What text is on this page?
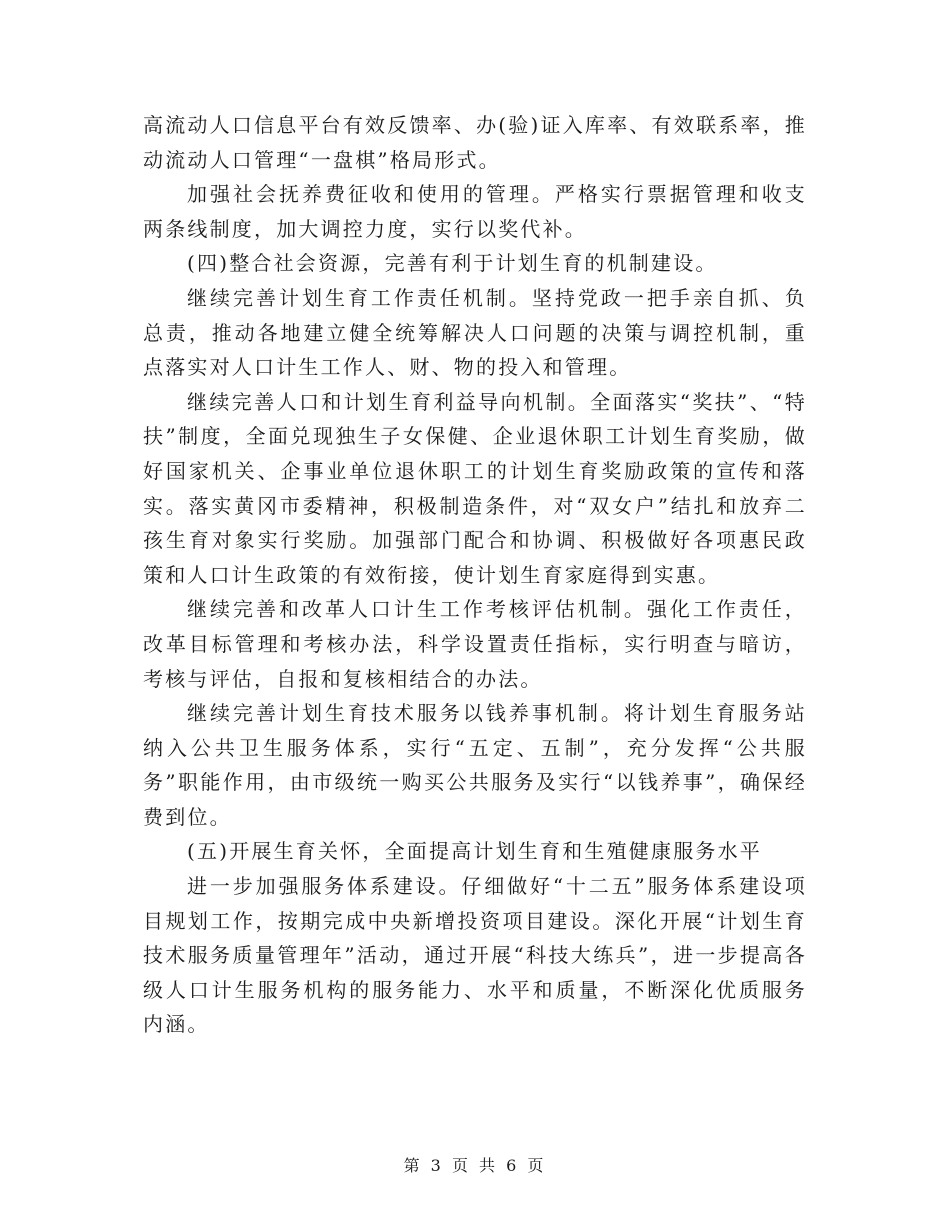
高流动人口信息平台有效反馈率、办(验)证入库率、有效联系率，推动流动人口管理“一盘棋”格局形式。

加强社会抚养费征收和使用的管理。严格实行票据管理和收支两条线制度，加大调控力度，实行以奖代补。

(四)整合社会资源，完善有利于计划生育的机制建设。

继续完善计划生育工作责任机制。坚持党政一把手亲自抓、负总责，推动各地建立健全统筹解决人口问题的决策与调控机制，重点落实对人口计生工作人、财、物的投入和管理。

继续完善人口和计划生育利益导向机制。全面落实“奖扶”、“特扶”制度，全面兑现独生子女保健、企业退休职工计划生育奖励，做好国家机关、企事业单位退休职工的计划生育奖励政策的宣传和落实。落实黄冈市委精神，积极制造条件，对“双女户”结扎和放弃二孩生育对象实行奖励。加强部门配合和协调、积极做好各项惠民政策和人口计生政策的有效衔接，使计划生育家庭得到实惠。

继续完善和改革人口计生工作考核评估机制。强化工作责任，改革目标管理和考核办法，科学设置责任指标，实行明查与暗访，考核与评估，自报和复核相结合的办法。

继续完善计划生育技术服务以钱养事机制。将计划生育服务站纳入公共卫生服务体系，实行“五定、五制”，充分发挥“公共服务”职能作用，由市级统一购买公共服务及实行“以钱养事”，确保经费到位。

(五)开展生育关怀，全面提高计划生育和生殖健康服务水平

进一步加强服务体系建设。仔细做好“十二五”服务体系建设项目规划工作，按期完成中央新增投资项目建设。深化开展“计划生育技术服务质量管理年”活动，通过开展“科技大练兵”，进一步提高各级人口计生服务机构的服务能力、水平和质量，不断深化优质服务内涵。

第 3 页 共 6 页
